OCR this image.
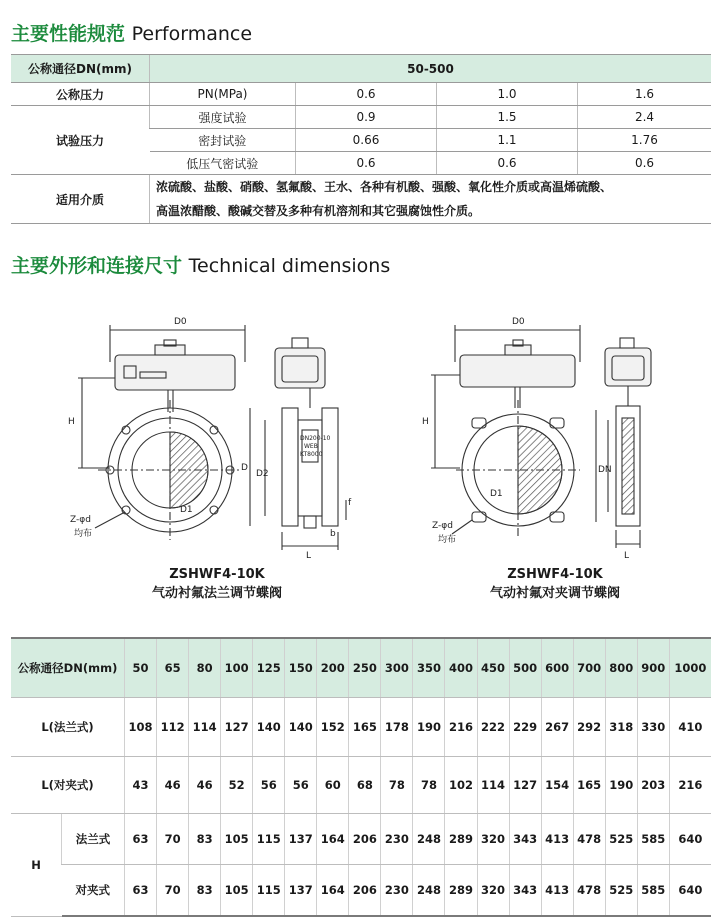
主要性能规范 Performance
公称通径DN(mm)	50-500			
公称压力	PN(MPa)	0.6	1.0	1.6
试验压力	强度试验	0.9	1.5	2.4
	密封试验	0.66	1.1	1.76
	低压气密试验	0.6	0.6	0.6
适用介质	浓硫酸、盐酸、硝酸、氢氟酸、王水、各种有机酸、强酸、氧化性介质或高温烯硫酸、
高温浓醋酸、酸碱交替及多种有机溶剂和其它强腐蚀性介质。			
主要外形和连接尺寸 Technical dimensions
D0
H
D
D2
D1
L
b
f
Z-φd
均布
DN200-10
WEB
KT8000
D0
H
D1
DN
L
Z-φd
均布
ZSHWF4-10K
气动衬氟法兰调节蝶阀
ZSHWF4-10K
气动衬氟对夹调节蝶阀
公称通径DN(mm)		50	65	80	100	125	150	200	250	300	350	400	450	500	600	700	800	900	1000
L(法兰式)		108	112	114	127	140	140	152	165	178	190	216	222	229	267	292	318	330	410
L(对夹式)		43	46	46	52	56	56	60	68	78	78	102	114	127	154	165	190	203	216
H	法兰式	63	70	83	105	115	137	164	206	230	248	289	320	343	413	478	525	585	640
	对夹式	63	70	83	105	115	137	164	206	230	248	289	320	343	413	478	525	585	640
